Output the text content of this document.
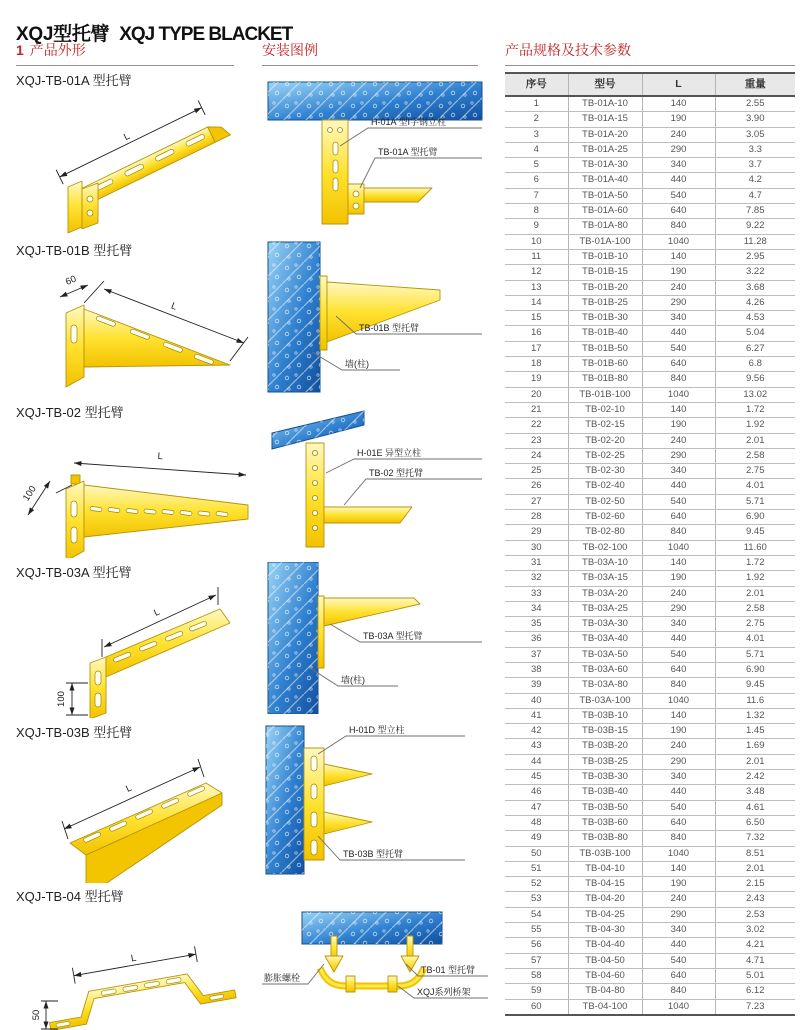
XQJ型托臂 XQJ TYPE BLACKET
1 产品外形	安装图例	产品规格及技术参数
XQJ-TB-01A 型托臂
L
XQJ-TB-01B 型托臂
60
L
XQJ-TB-02 型托臂
L
100
XQJ-TB-03A 型托臂
L
100
XQJ-TB-03B 型托臂
L
XQJ-TB-04 型托臂
L
50
H-01A 型I字钢立柱
TB-01A 型托臂
TB-01B 型托臂
墙(柱)
H-01E 异型立柱
TB-02 型托臂
TB-03A 型托臂
墙(柱)
H-01D 型立柱
TB-03B 型托臂
膨胀螺栓
TB-01 型托臂
XQJ系列桥架
序号	型号	L	重量
1	TB-01A-10	140	2.55
2	TB-01A-15	190	3.90
3	TB-01A-20	240	3.05
4	TB-01A-25	290	3.3
5	TB-01A-30	340	3.7
6	TB-01A-40	440	4.2
7	TB-01A-50	540	4.7
8	TB-01A-60	640	7.85
9	TB-01A-80	840	9.22
10	TB-01A-100	1040	11.28
11	TB-01B-10	140	2.95
12	TB-01B-15	190	3.22
13	TB-01B-20	240	3.68
14	TB-01B-25	290	4.26
15	TB-01B-30	340	4.53
16	TB-01B-40	440	5.04
17	TB-01B-50	540	6.27
18	TB-01B-60	640	6.8
19	TB-01B-80	840	9.56
20	TB-01B-100	1040	13.02
21	TB-02-10	140	1.72
22	TB-02-15	190	1.92
23	TB-02-20	240	2.01
24	TB-02-25	290	2.58
25	TB-02-30	340	2.75
26	TB-02-40	440	4.01
27	TB-02-50	540	5.71
28	TB-02-60	640	6.90
29	TB-02-80	840	9.45
30	TB-02-100	1040	11.60
31	TB-03A-10	140	1.72
32	TB-03A-15	190	1.92
33	TB-03A-20	240	2.01
34	TB-03A-25	290	2.58
35	TB-03A-30	340	2.75
36	TB-03A-40	440	4.01
37	TB-03A-50	540	5.71
38	TB-03A-60	640	6.90
39	TB-03A-80	840	9.45
40	TB-03A-100	1040	11.6
41	TB-03B-10	140	1.32
42	TB-03B-15	190	1.45
43	TB-03B-20	240	1.69
44	TB-03B-25	290	2.01
45	TB-03B-30	340	2.42
46	TB-03B-40	440	3.48
47	TB-03B-50	540	4.61
48	TB-03B-60	640	6.50
49	TB-03B-80	840	7.32
50	TB-03B-100	1040	8.51
51	TB-04-10	140	2.01
52	TB-04-15	190	2.15
53	TB-04-20	240	2.43
54	TB-04-25	290	2.53
55	TB-04-30	340	3.02
56	TB-04-40	440	4.21
57	TB-04-50	540	4.71
58	TB-04-60	640	5.01
59	TB-04-80	840	6.12
60	TB-04-100	1040	7.23
